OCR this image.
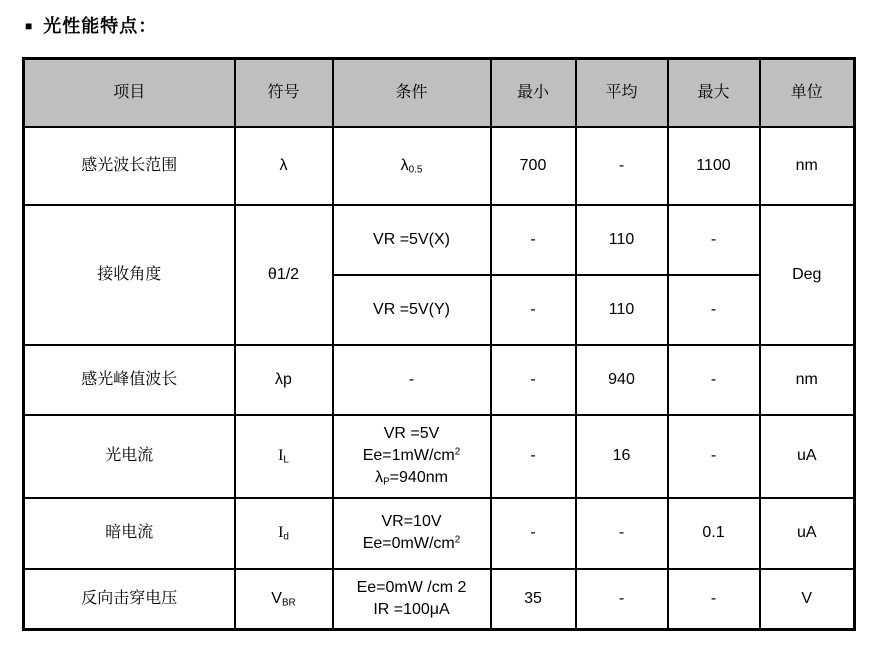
■ 光性能特点：
项目	符号	条件	最小	平均	最大	单位
感光波长范围	λ	$\lambda_{0.5}$	700	-	1100	nm
接收角度	θ1/2	VR =5V(X)	-	110	-	Deg
		VR =5V(Y)	-	110	-	
感光峰值波长	λp	-	-	940	-	nm
光电流	$I_L$	VR =5V
$Ee=1mW/cm^2$
$\lambda_P=940nm$	-	16	-	uA
暗电流	$I_d$	VR=10V
$Ee=0mW/cm^2$	-	-	0.1	uA
反向击穿电压	$V_{BR}$	Ee=0mW /cm 2
IR =100μA	35	-	-	V
